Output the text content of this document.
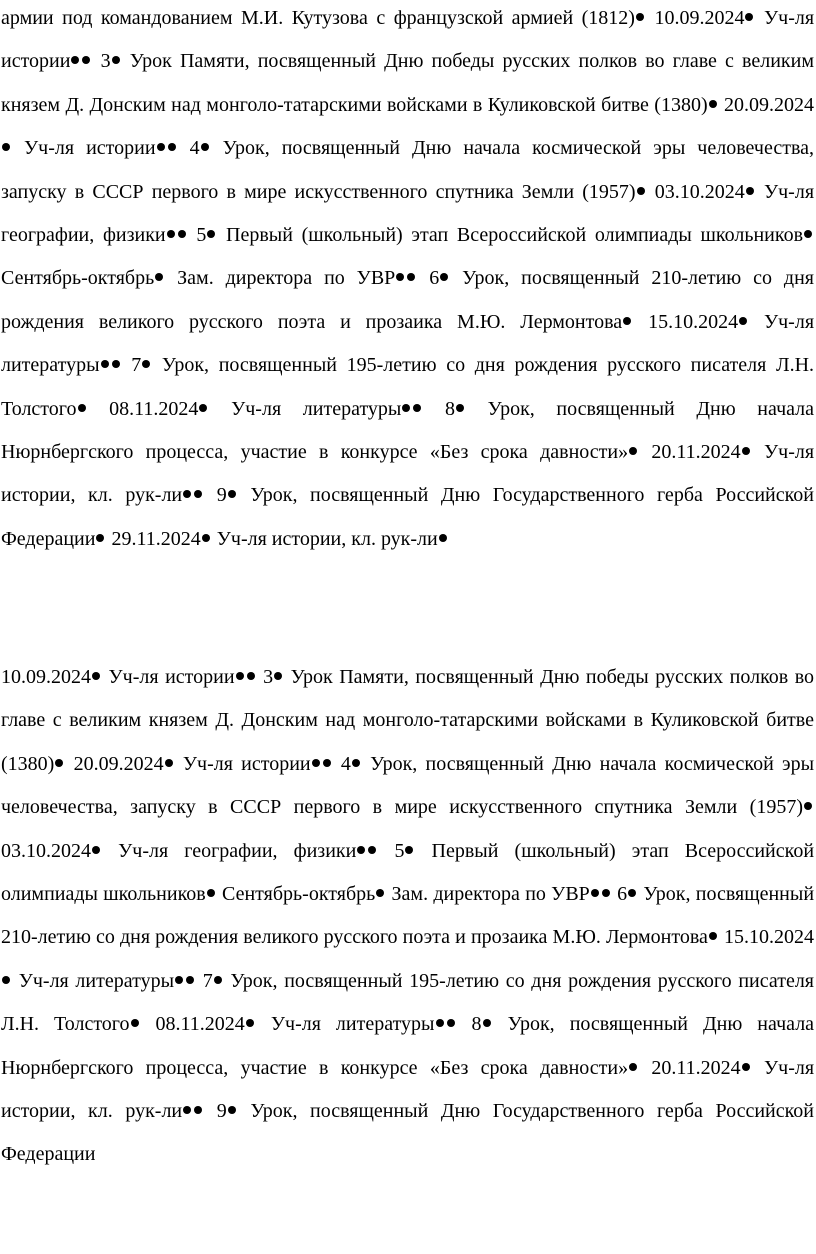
армии под командованием М.И. Кутузова с французской армией (1812) 10.09.2024 Уч-ля истории 3 Урок Памяти, посвященный Дню победы русских полков во главе с великим князем Д. Донским над монголо-татарскими войсками в Куликовской битве (1380) 20.09.2024 Уч-ля истории 4 Урок, посвященный Дню начала космической эры человечества, запуску в СССР первого в мире искусственного спутника Земли (1957) 03.10.2024 Уч-ля географии, физики 5 Первый (школьный) этап Всероссийской олимпиады школьников Сентябрь-октябрь Зам. директора по УВР 6 Урок, посвященный 210-летию со дня рождения великого русского поэта и прозаика М.Ю. Лермонтова 15.10.2024 Уч-ля литературы 7 Урок, посвященный 195-летию со дня рождения русского писателя Л.Н. Толстого 08.11.2024 Уч-ля литературы 8 Урок, посвященный Дню начала Нюрнбергского процесса, участие в конкурсе «Без срока давности» 20.11.2024 Уч-ля истории, кл. рук-ли 9 Урок, посвященный Дню Государственного герба Российской Федерации 29.11.2024 Уч-ля истории, кл. рук-ли

10.09.2024 Уч-ля истории 3 Урок Памяти, посвященный Дню победы русских полков во главе с великим князем Д. Донским над монголо-татарскими войсками в Куликовской битве (1380) 20.09.2024 Уч-ля истории 4 Урок, посвященный Дню начала космической эры человечества, запуску в СССР первого в мире искусственного спутника Земли (1957) 03.10.2024 Уч-ля географии, физики 5 Первый (школьный) этап Всероссийской олимпиады школьников Сентябрь-октябрь Зам. директора по УВР 6 Урок, посвященный 210-летию со дня рождения великого русского поэта и прозаика М.Ю. Лермонтова 15.10.2024 Уч-ля литературы 7 Урок, посвященный 195-летию со дня рождения русского писателя Л.Н. Толстого 08.11.2024 Уч-ля литературы 8 Урок, посвященный Дню начала Нюрнбергского процесса, участие в конкурсе «Без срока давности» 20.11.2024 Уч-ля истории, кл. рук-ли 9 Урок, посвященный Дню Государственного герба Российской Федерации
